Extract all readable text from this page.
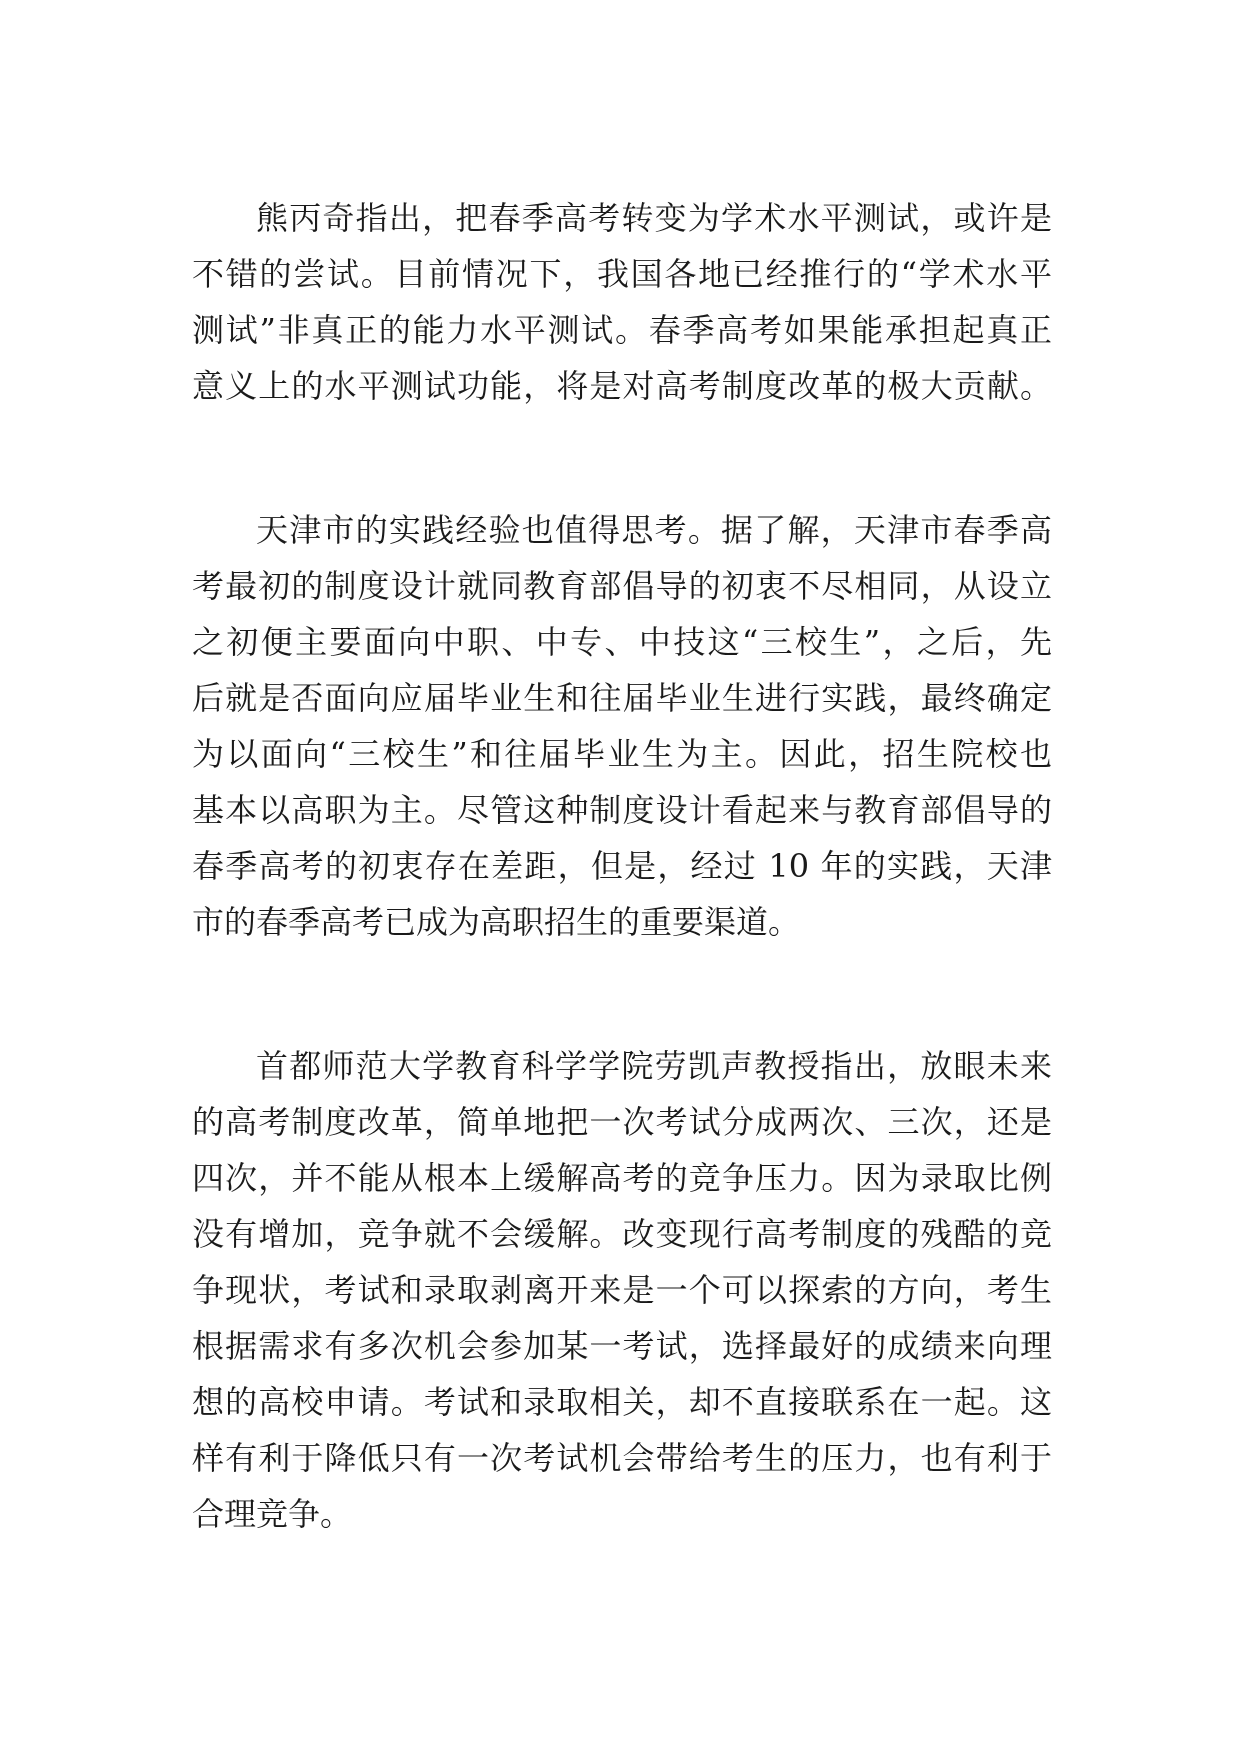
熊丙奇指出，把春季高考转变为学术水平测试，或许是
不错的尝试。目前情况下，我国各地已经推行的“学术水平
测试”非真正的能力水平测试。春季高考如果能承担起真正
意义上的水平测试功能，将是对高考制度改革的极大贡献。
天津市的实践经验也值得思考。据了解，天津市春季高
考最初的制度设计就同教育部倡导的初衷不尽相同，从设立
之初便主要面向中职、中专、中技这“三校生”，之后，先
后就是否面向应届毕业生和往届毕业生进行实践，最终确定
为以面向“三校生”和往届毕业生为主。因此，招生院校也
基本以高职为主。尽管这种制度设计看起来与教育部倡导的
春季高考的初衷存在差距，但是，经过 10 年的实践，天津
市的春季高考已成为高职招生的重要渠道。
首都师范大学教育科学学院劳凯声教授指出，放眼未来
的高考制度改革，简单地把一次考试分成两次、三次，还是
四次，并不能从根本上缓解高考的竞争压力。因为录取比例
没有增加，竞争就不会缓解。改变现行高考制度的残酷的竞
争现状，考试和录取剥离开来是一个可以探索的方向，考生
根据需求有多次机会参加某一考试，选择最好的成绩来向理
想的高校申请。考试和录取相关，却不直接联系在一起。这
样有利于降低只有一次考试机会带给考生的压力，也有利于
合理竞争。
